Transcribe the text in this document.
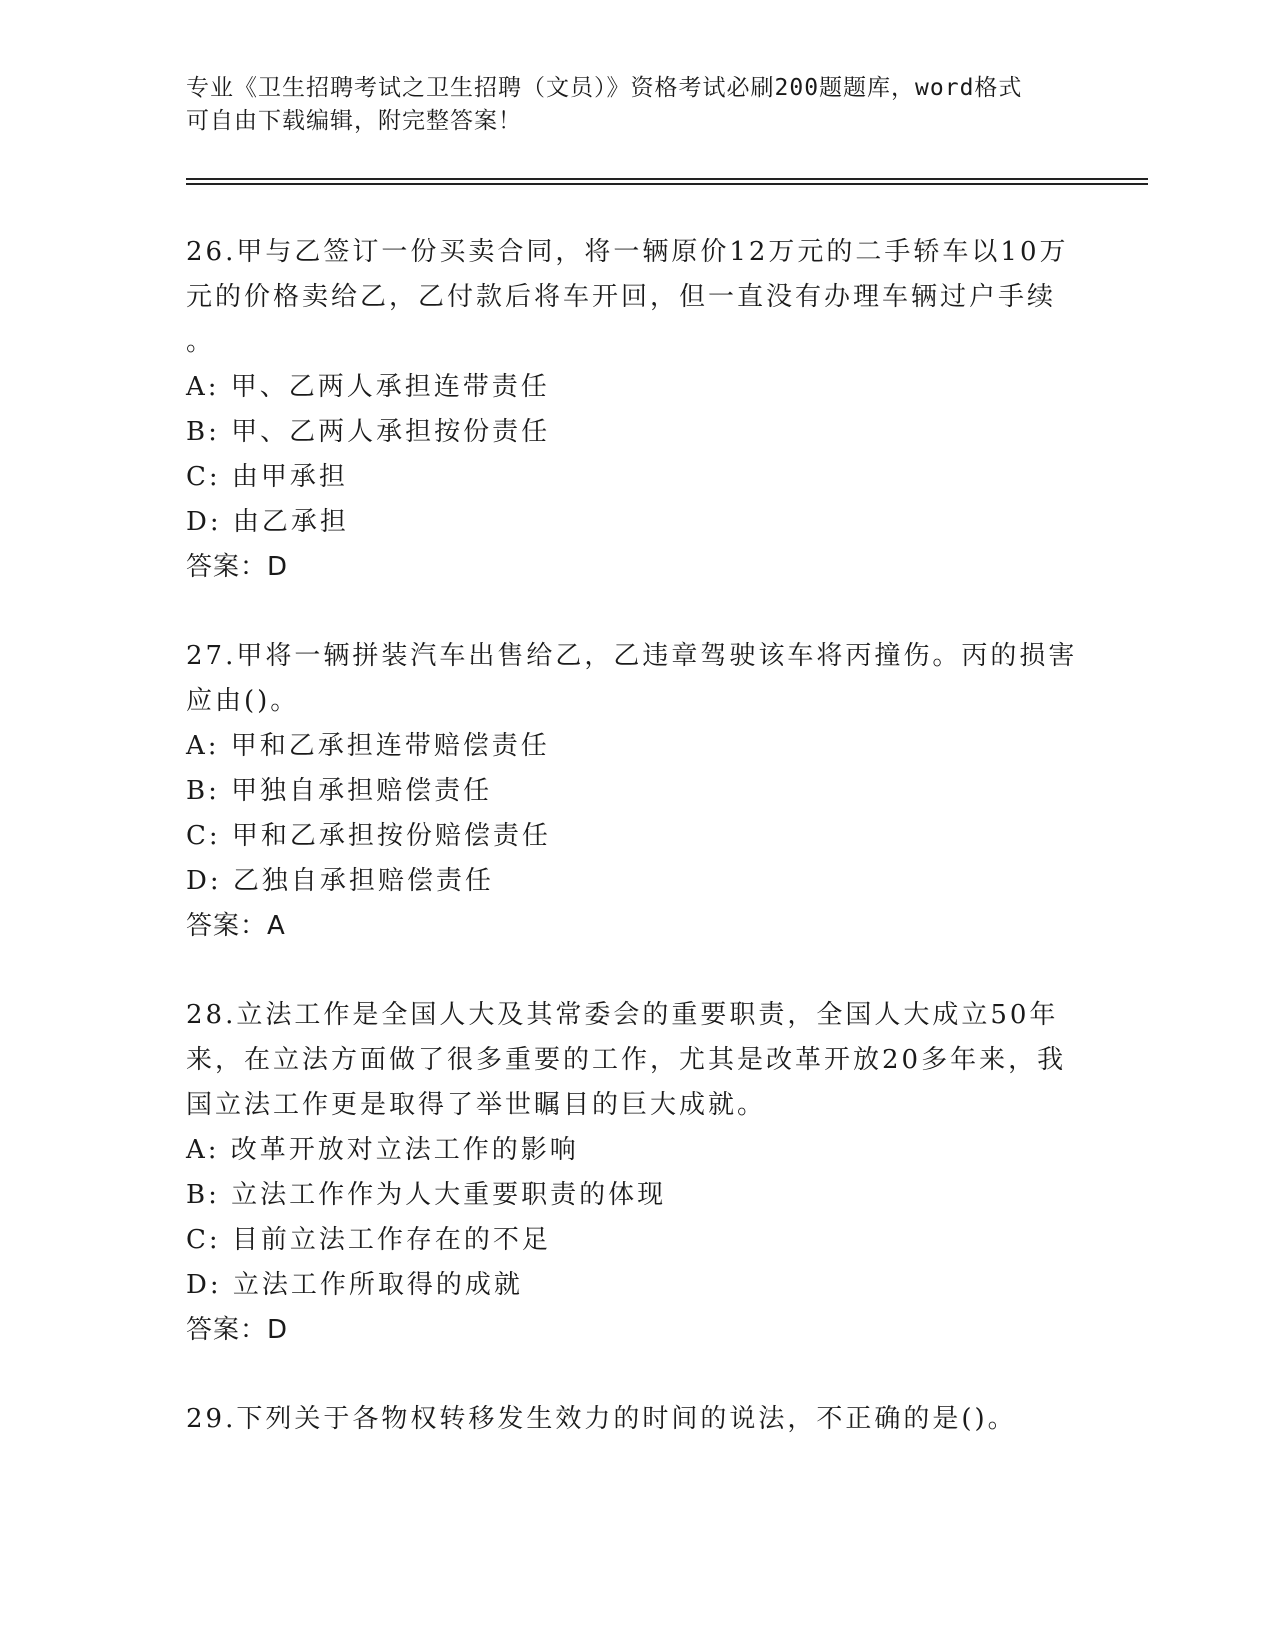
专业《卫生招聘考试之卫生招聘（文员）》资格考试必刷200题题库，word格式
可自由下载编辑，附完整答案！
26.甲与乙签订一份买卖合同，将一辆原价12万元的二手轿车以10万
元的价格卖给乙，乙付款后将车开回，但一直没有办理车辆过户手续
。
A: 甲、乙两人承担连带责任
B: 甲、乙两人承担按份责任
C: 由甲承担
D: 由乙承担
答案：D
27.甲将一辆拼装汽车出售给乙，乙违章驾驶该车将丙撞伤。丙的损害
应由()。
A: 甲和乙承担连带赔偿责任
B: 甲独自承担赔偿责任
C: 甲和乙承担按份赔偿责任
D: 乙独自承担赔偿责任
答案：A
28.立法工作是全国人大及其常委会的重要职责，全国人大成立50年
来，在立法方面做了很多重要的工作，尤其是改革开放20多年来，我
国立法工作更是取得了举世瞩目的巨大成就。
A: 改革开放对立法工作的影响
B: 立法工作作为人大重要职责的体现
C: 目前立法工作存在的不足
D: 立法工作所取得的成就
答案：D
29.下列关于各物权转移发生效力的时间的说法，不正确的是()。
